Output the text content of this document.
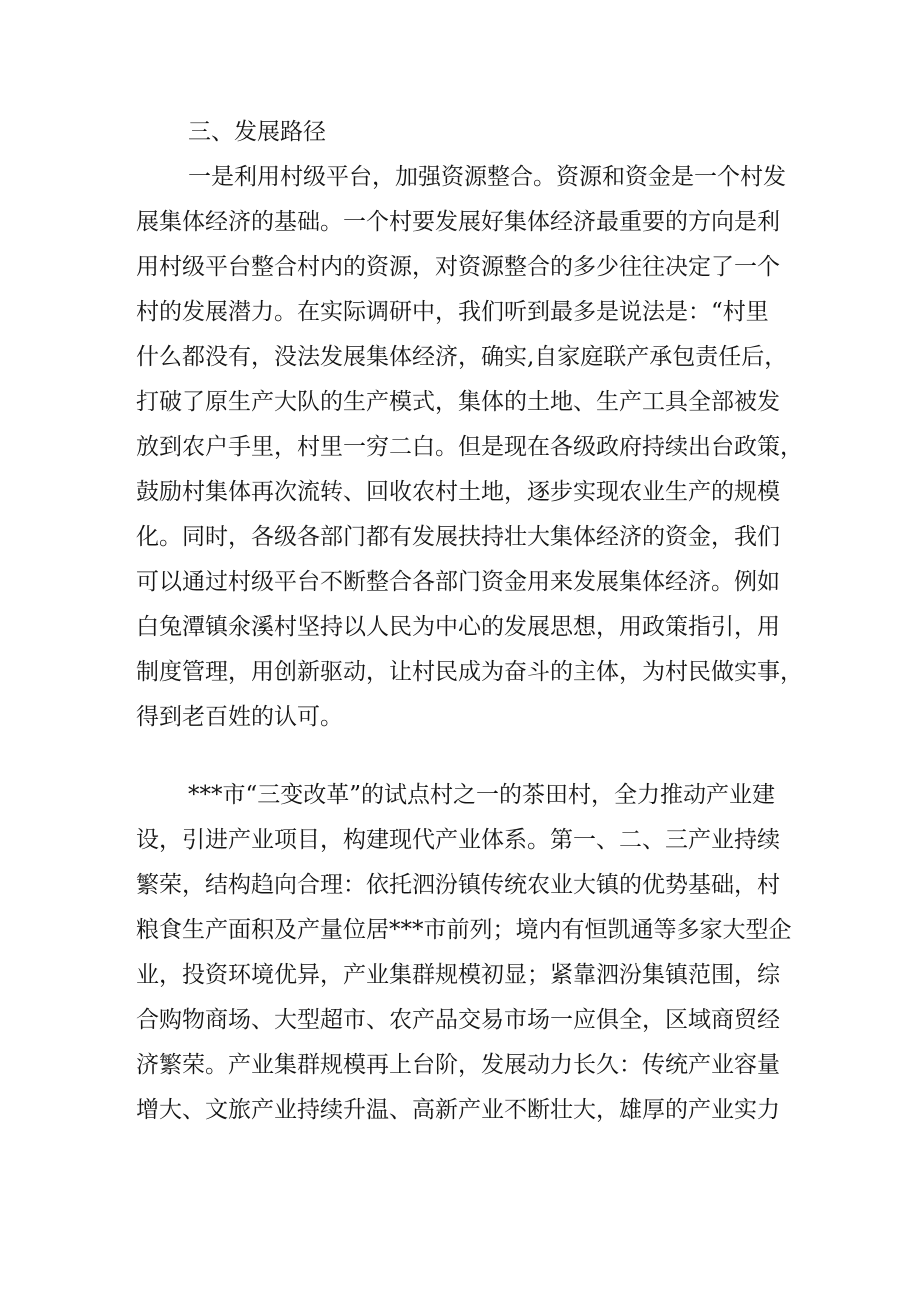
三、发展路径
一是利用村级平台，加强资源整合。资源和资金是一个村发
展集体经济的基础。一个村要发展好集体经济最重要的方向是利
用村级平台整合村内的资源，对资源整合的多少往往决定了一个
村的发展潜力。在实际调研中，我们听到最多是说法是：“村里
什么都没有，没法发展集体经济，确实,自家庭联产承包责任后，
打破了原生产大队的生产模式，集体的土地、生产工具全部被发
放到农户手里，村里一穷二白。但是现在各级政府持续出台政策，
鼓励村集体再次流转、回收农村土地，逐步实现农业生产的规模
化。同时，各级各部门都有发展扶持壮大集体经济的资金，我们
可以通过村级平台不断整合各部门资金用来发展集体经济。例如
白兔潭镇氽溪村坚持以人民为中心的发展思想，用政策指引，用
制度管理，用创新驱动，让村民成为奋斗的主体，为村民做实事，
得到老百姓的认可。
***市“三变改革”的试点村之一的茶田村，全力推动产业建
设，引进产业项目，构建现代产业体系。第一、二、三产业持续
繁荣，结构趋向合理：依托泗汾镇传统农业大镇的优势基础，村
粮食生产面积及产量位居***市前列；境内有恒凯通等多家大型企
业，投资环境优异，产业集群规模初显；紧靠泗汾集镇范围，综
合购物商场、大型超市、农产品交易市场一应俱全，区域商贸经
济繁荣。产业集群规模再上台阶，发展动力长久：传统产业容量
增大、文旅产业持续升温、高新产业不断壮大，雄厚的产业实力
